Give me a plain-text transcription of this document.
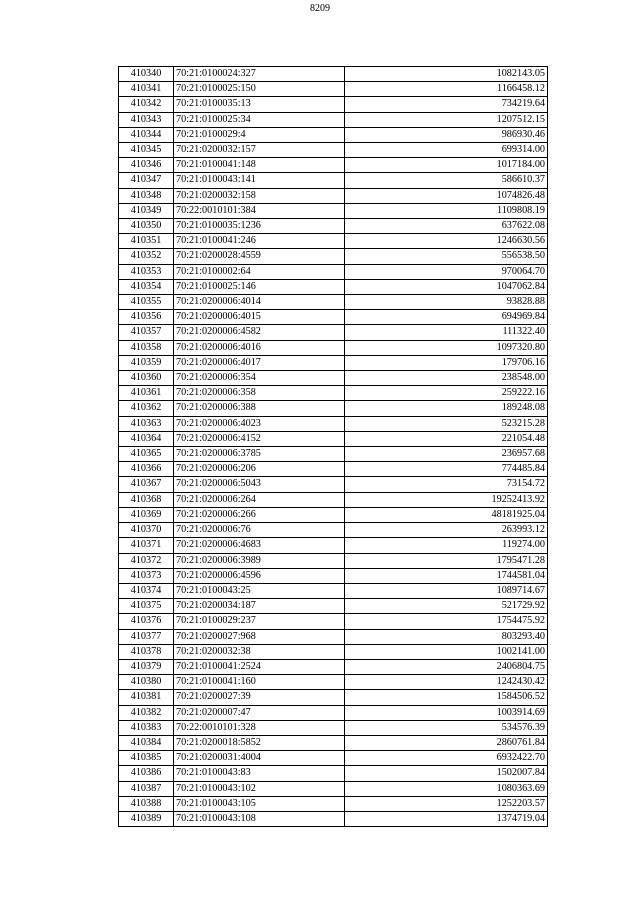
8209
410340	70:21:0100024:327	1082143.05
410341	70:21:0100025:150	1166458.12
410342	70:21:0100035:13	734219.64
410343	70:21:0100025:34	1207512.15
410344	70:21:0100029:4	986930.46
410345	70:21:0200032:157	699314.00
410346	70:21:0100041:148	1017184.00
410347	70:21:0100043:141	586610.37
410348	70:21:0200032:158	1074826.48
410349	70:22:0010101:384	1109808.19
410350	70:21:0100035:1236	637622.08
410351	70:21:0100041:246	1246630.56
410352	70:21:0200028:4559	556538.50
410353	70:21:0100002:64	970064.70
410354	70:21:0100025:146	1047062.84
410355	70:21:0200006:4014	93828.88
410356	70:21:0200006:4015	694969.84
410357	70:21:0200006:4582	111322.40
410358	70:21:0200006:4016	1097320.80
410359	70:21:0200006:4017	179706.16
410360	70:21:0200006:354	238548.00
410361	70:21:0200006:358	259222.16
410362	70:21:0200006:388	189248.08
410363	70:21:0200006:4023	523215.28
410364	70:21:0200006:4152	221054.48
410365	70:21:0200006:3785	236957.68
410366	70:21:0200006:206	774485.84
410367	70:21:0200006:5043	73154.72
410368	70:21:0200006:264	19252413.92
410369	70:21:0200006:266	48181925.04
410370	70:21:0200006:76	263993.12
410371	70:21:0200006:4683	119274.00
410372	70:21:0200006:3989	1795471.28
410373	70:21:0200006:4596	1744581.04
410374	70:21:0100043:25	1089714.67
410375	70:21:0200034:187	521729.92
410376	70:21:0100029:237	1754475.92
410377	70:21:0200027:968	803293.40
410378	70:21:0200032:38	1002141.00
410379	70:21:0100041:2524	2406804.75
410380	70:21:0100041:160	1242430.42
410381	70:21:0200027:39	1584506.52
410382	70:21:0200007:47	1003914.69
410383	70:22:0010101:328	534576.39
410384	70:21:0200018:5852	2860761.84
410385	70:21:0200031:4004	6932422.70
410386	70:21:0100043:83	1502007.84
410387	70:21:0100043:102	1080363.69
410388	70:21:0100043:105	1252203.57
410389	70:21:0100043:108	1374719.04
